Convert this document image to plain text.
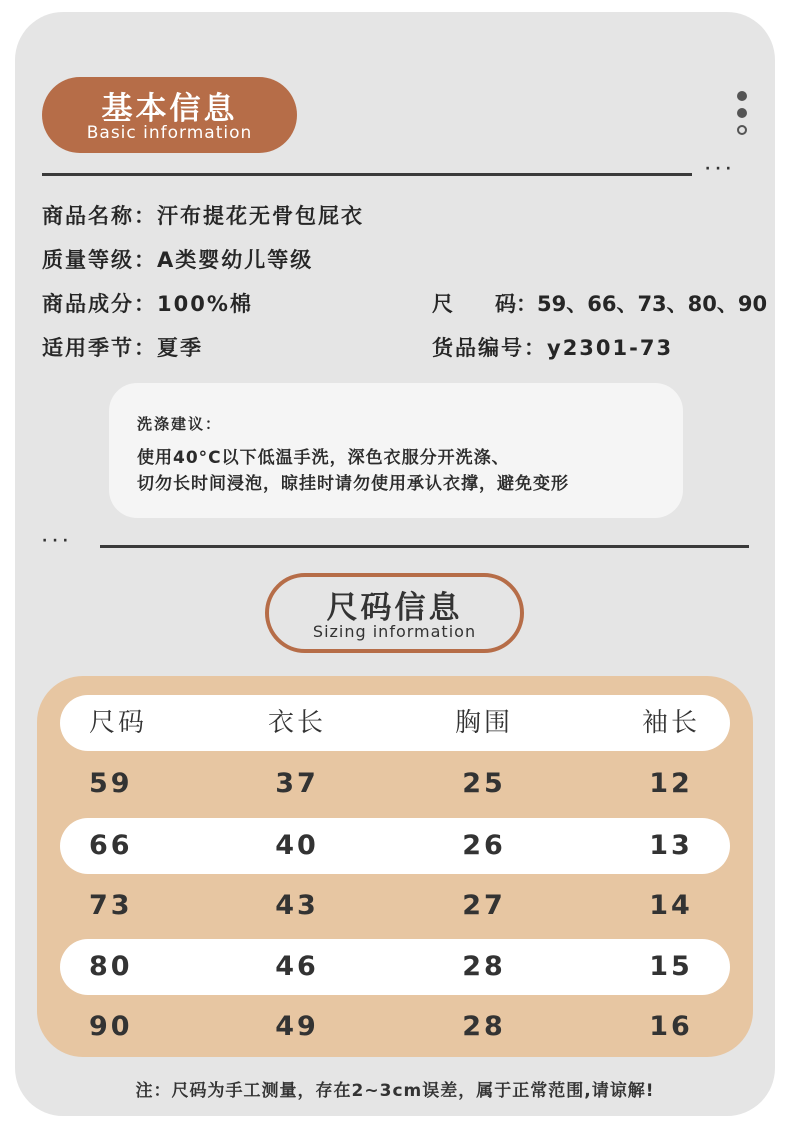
基本信息
Basic information
···
商品名称：汗布提花无骨包屁衣
质量等级：A类婴幼儿等级
商品成分：100%棉	尺　　码：59、66、73、80、90
适用季节：夏季	货品编号：y2301-73
洗涤建议：
使用40°C以下低温手洗，深色衣服分开洗涤、
切勿长时间浸泡，晾挂时请勿使用承认衣撑，避免变形
···
尺码信息
Sizing information
尺码	衣长	胸围	袖长
59	37	25	12
66	40	26	13
73	43	27	14
80	46	28	15
90	49	28	16
注：尺码为手工测量，存在2~3cm误差，属于正常范围,请谅解!
